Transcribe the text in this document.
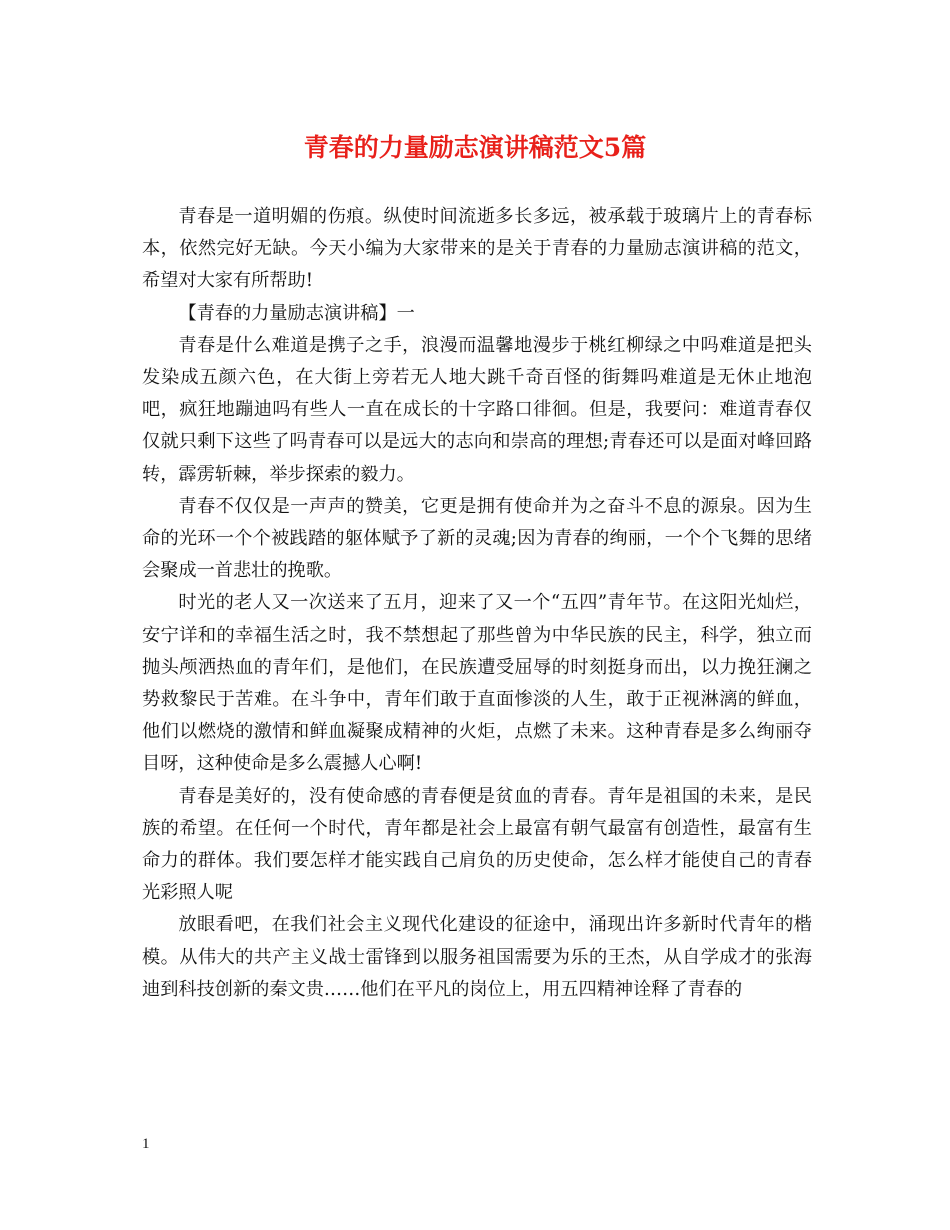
青春的力量励志演讲稿范文5篇

青春是一道明媚的伤痕。纵使时间流逝多长多远，被承载于玻璃片上的青春标本，依然完好无缺。今天小编为大家带来的是关于青春的力量励志演讲稿的范文，希望对大家有所帮助!

【青春的力量励志演讲稿】一

青春是什么难道是携子之手，浪漫而温馨地漫步于桃红柳绿之中吗难道是把头发染成五颜六色，在大街上旁若无人地大跳千奇百怪的街舞吗难道是无休止地泡吧，疯狂地蹦迪吗有些人一直在成长的十字路口徘徊。但是，我要问：难道青春仅仅就只剩下这些了吗青春可以是远大的志向和崇高的理想;青春还可以是面对峰回路转，霹雳斩棘，举步探索的毅力。

青春不仅仅是一声声的赞美，它更是拥有使命并为之奋斗不息的源泉。因为生命的光环一个个被践踏的躯体赋予了新的灵魂;因为青春的绚丽，一个个飞舞的思绪会聚成一首悲壮的挽歌。

时光的老人又一次送来了五月，迎来了又一个“五四”青年节。在这阳光灿烂，安宁详和的幸福生活之时，我不禁想起了那些曾为中华民族的民主，科学，独立而抛头颅洒热血的青年们，是他们，在民族遭受屈辱的时刻挺身而出，以力挽狂澜之势救黎民于苦难。在斗争中，青年们敢于直面惨淡的人生，敢于正视淋漓的鲜血，他们以燃烧的激情和鲜血凝聚成精神的火炬，点燃了未来。这种青春是多么绚丽夺目呀，这种使命是多么震撼人心啊!

青春是美好的，没有使命感的青春便是贫血的青春。青年是祖国的未来，是民族的希望。在任何一个时代，青年都是社会上最富有朝气最富有创造性，最富有生命力的群体。我们要怎样才能实践自己肩负的历史使命，怎么样才能使自己的青春光彩照人呢

放眼看吧，在我们社会主义现代化建设的征途中，涌现出许多新时代青年的楷模。从伟大的共产主义战士雷锋到以服务祖国需要为乐的王杰，从自学成才的张海迪到科技创新的秦文贵……他们在平凡的岗位上，用五四精神诠释了青春的

1
